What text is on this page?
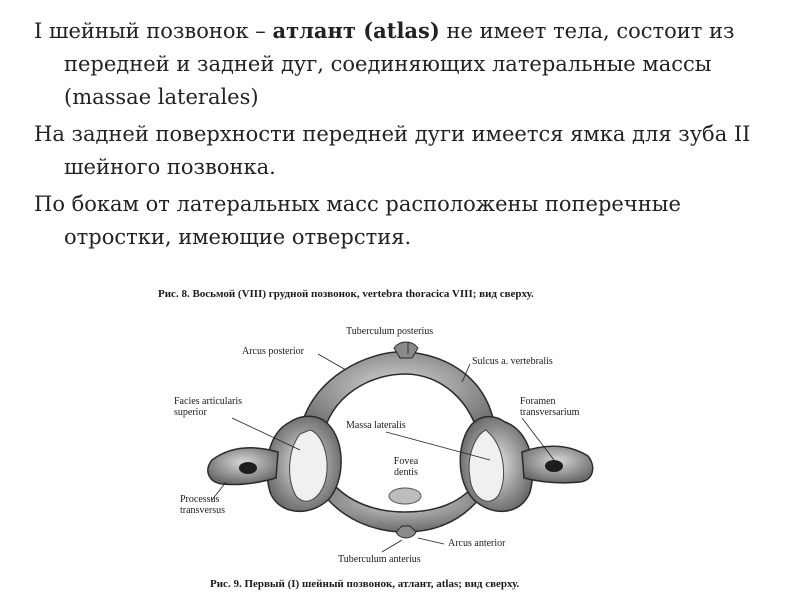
I шейный позвонок – атлант (atlas) не имеет тела, состоит из передней и задней дуг, соединяющих латеральные массы (massae laterales)

На задней поверхности передней дуги имеется ямка для зуба II шейного позвонка.

По бокам от латеральных масс расположены поперечные отростки, имеющие отверстия.

Рис. 8. Восьмой (VIII) грудной позвонок, vertebra thoracica VIII; вид сверху.
Tuberculum posterius
Arcus posterior
Sulcus a. vertebralis
Foramen
transversarium
Facies articularis
superior
Massa lateralis
Fovea
dentis
Processus
transversus
Arcus anterior
Tuberculum anterius
Рис. 9. Первый (I) шейный позвонок, атлант, atlas; вид сверху.
